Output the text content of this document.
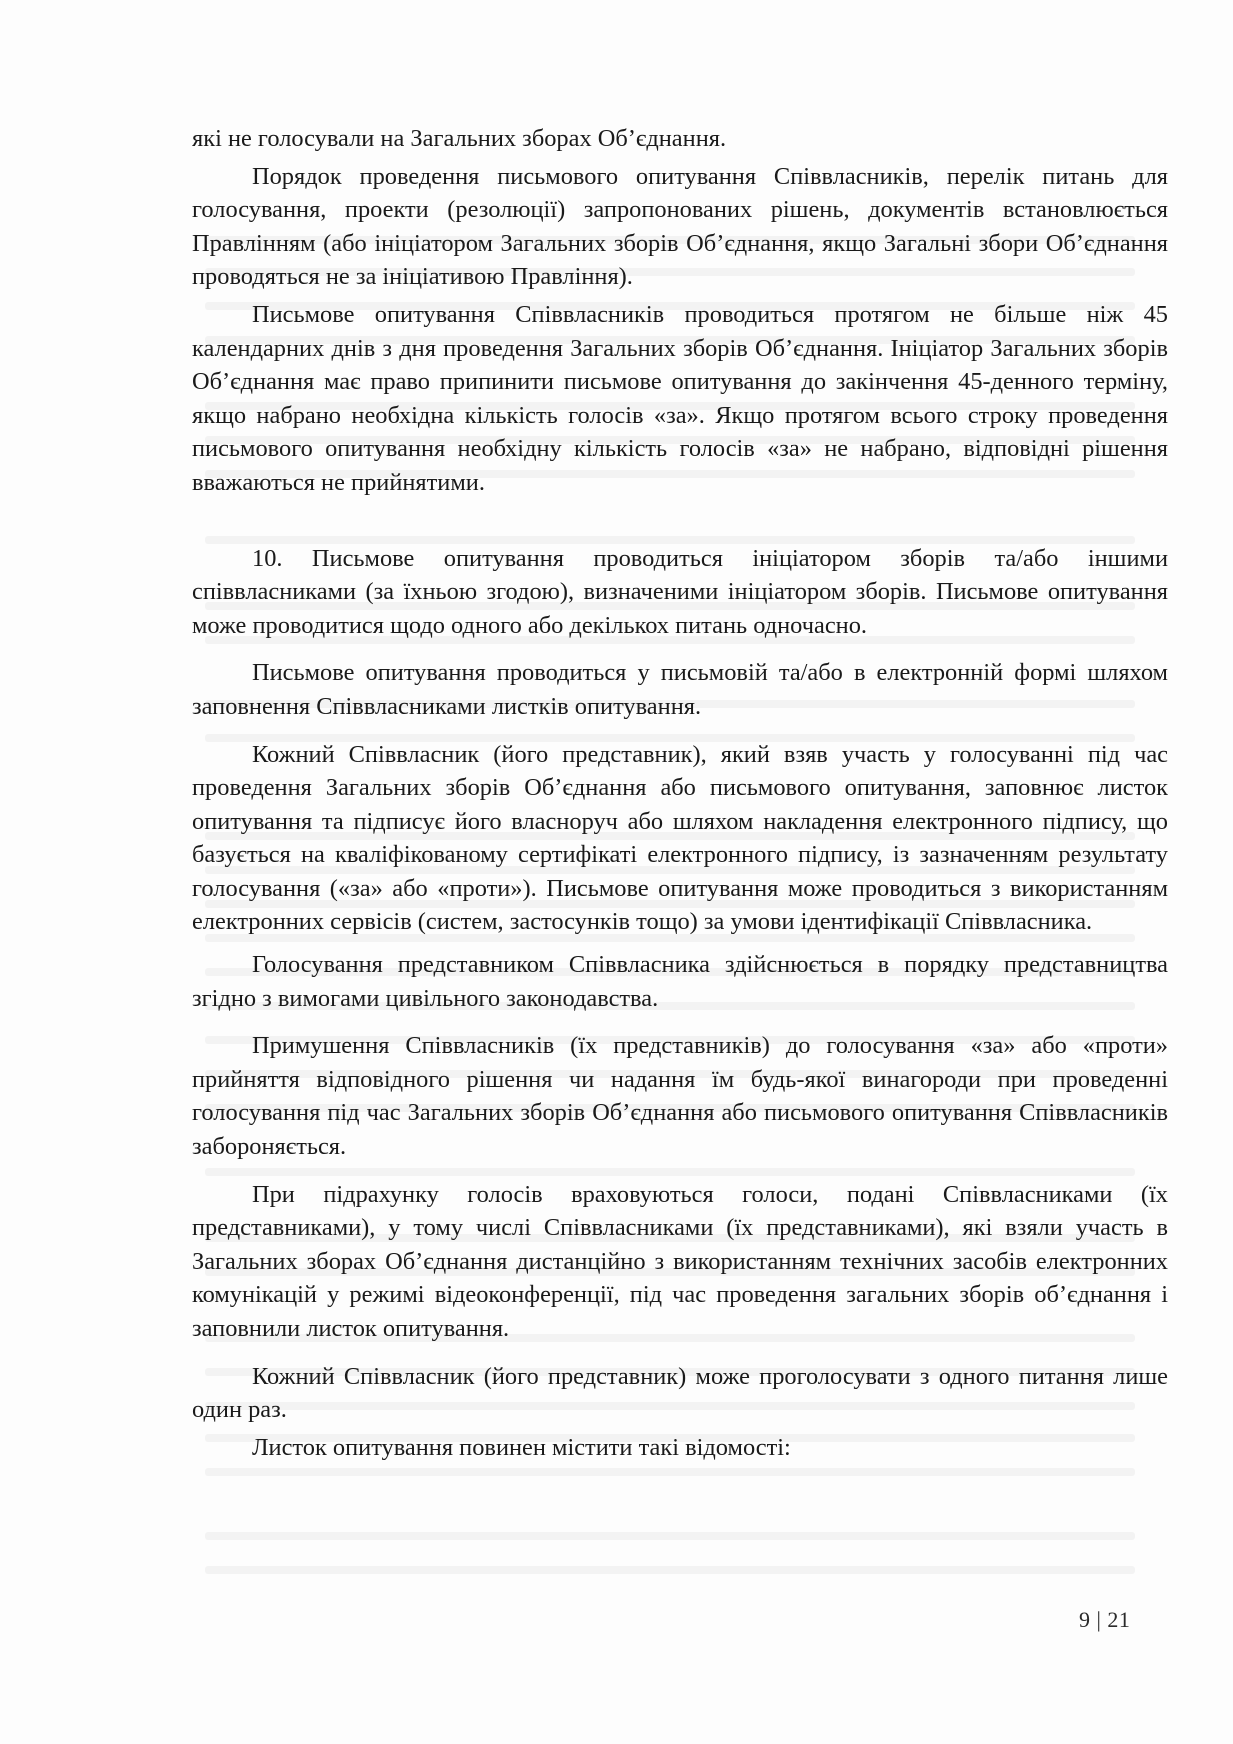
які не голосували на Загальних зборах Об’єднання.

Порядок проведення письмового опитування Співвласників, перелік питань для голосування, проекти (резолюції) запропонованих рішень, документів встановлюється Правлінням (або ініціатором Загальних зборів Об’єднання, якщо Загальні збори Об’єднання проводяться не за ініціативою Правління).

Письмове опитування Співвласників проводиться протягом не більше ніж 45 календарних днів з дня проведення Загальних зборів Об’єднання. Ініціатор Загальних зборів Об’єднання має право припинити письмове опитування до закінчення 45-денного терміну, якщо набрано необхідна кількість голосів «за». Якщо протягом всього строку проведення письмового опитування необхідну кількість голосів «за» не набрано, відповідні рішення вважаються не прийнятими.

10. Письмове опитування проводиться ініціатором зборів та/або іншими співвласниками (за їхньою згодою), визначеними ініціатором зборів. Письмове опитування може проводитися щодо одного або декількох питань одночасно.

Письмове опитування проводиться у письмовій та/або в електронній формі шляхом заповнення Співвласниками листків опитування.

Кожний Співвласник (його представник), який взяв участь у голосуванні під час проведення Загальних зборів Об’єднання або письмового опитування, заповнює листок опитування та підписує його власноруч або шляхом накладення електронного підпису, що базується на кваліфікованому сертифікаті електронного підпису, із зазначенням результату голосування («за» або «проти»). Письмове опитування може проводиться з використанням електронних сервісів (систем, застосунків тощо) за умови ідентифікації Співвласника.

Голосування представником Співвласника здійснюється в порядку представництва згідно з вимогами цивільного законодавства.

Примушення Співвласників (їх представників) до голосування «за» або «проти» прийняття відповідного рішення чи надання їм будь-якої винагороди при проведенні голосування під час Загальних зборів Об’єднання або письмового опитування Співвласників забороняється.

При підрахунку голосів враховуються голоси, подані Співвласниками (їх представниками), у тому числі Співвласниками (їх представниками), які взяли участь в Загальних зборах Об’єднання дистанційно з використанням технічних засобів електронних комунікацій у режимі відеоконференції, під час проведення загальних зборів об’єднання і заповнили листок опитування.

Кожний Співвласник (його представник) може проголосувати з одного питання лише один раз.

Листок опитування повинен містити такі відомості:

9 | 21
